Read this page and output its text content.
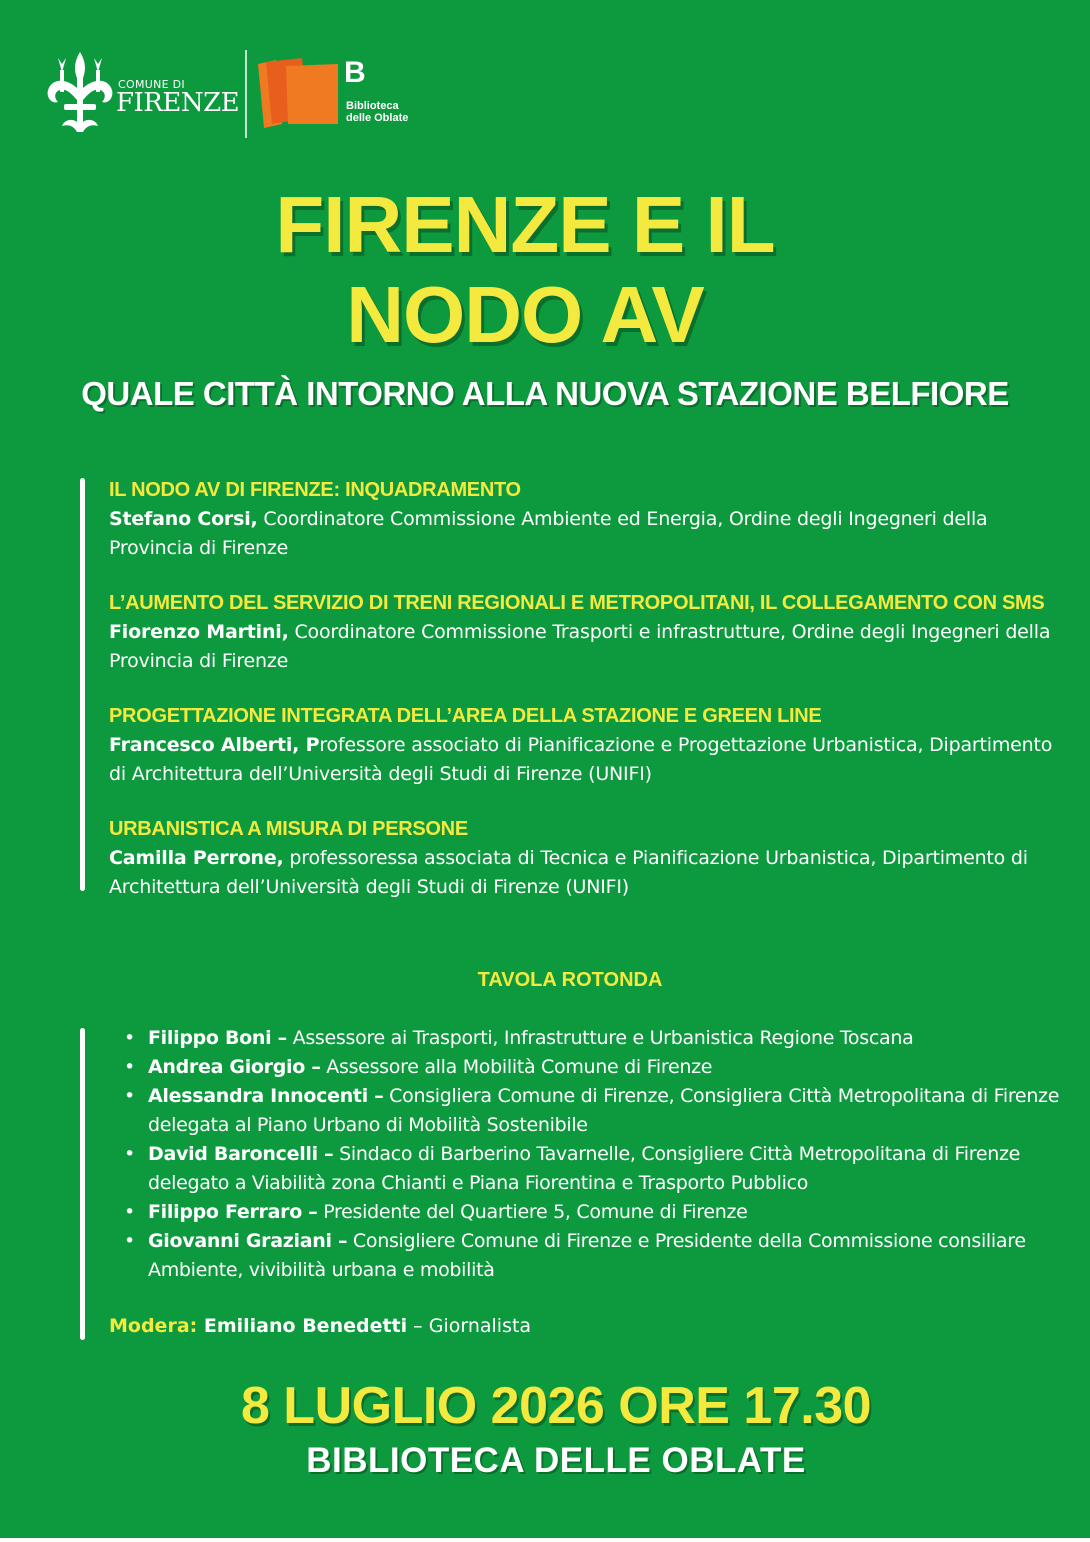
COMUNE DI
FIRENZE
B
Biblioteca
delle Oblate
FIRENZE E IL
NODO AV
QUALE CITTÀ INTORNO ALLA NUOVA STAZIONE BELFIORE
IL NODO AV DI FIRENZE: INQUADRAMENTO
Stefano Corsi, Coordinatore Commissione Ambiente ed Energia, Ordine degli Ingegneri della Provincia di Firenze
L’AUMENTO DEL SERVIZIO DI TRENI REGIONALI E METROPOLITANI, IL COLLEGAMENTO CON SMS
Fiorenzo Martini, Coordinatore Commissione Trasporti e infrastrutture, Ordine degli Ingegneri della Provincia di Firenze
PROGETTAZIONE INTEGRATA DELL’AREA DELLA STAZIONE E GREEN LINE
Francesco Alberti, Professore associato di Pianificazione e Progettazione Urbanistica, Dipartimento di Architettura dell’Università degli Studi di Firenze (UNIFI)
URBANISTICA A MISURA DI PERSONE
Camilla Perrone, professoressa associata di Tecnica e Pianificazione Urbanistica, Dipartimento di Architettura dell’Università degli Studi di Firenze (UNIFI)
TAVOLA ROTONDA
• Filippo Boni – Assessore ai Trasporti, Infrastrutture e Urbanistica Regione Toscana
• Andrea Giorgio – Assessore alla Mobilità Comune di Firenze
• Alessandra Innocenti – Consigliera Comune di Firenze, Consigliera Città Metropolitana di Firenze delegata al Piano Urbano di Mobilità Sostenibile
• David Baroncelli – Sindaco di Barberino Tavarnelle, Consigliere Città Metropolitana di Firenze delegato a Viabilità zona Chianti e Piana Fiorentina e Trasporto Pubblico
• Filippo Ferraro – Presidente del Quartiere 5, Comune di Firenze
• Giovanni Graziani – Consigliere Comune di Firenze e Presidente della Commissione consiliare Ambiente, vivibilità urbana e mobilità
Modera: Emiliano Benedetti – Giornalista
8 LUGLIO 2026 ORE 17.30
BIBLIOTECA DELLE OBLATE
